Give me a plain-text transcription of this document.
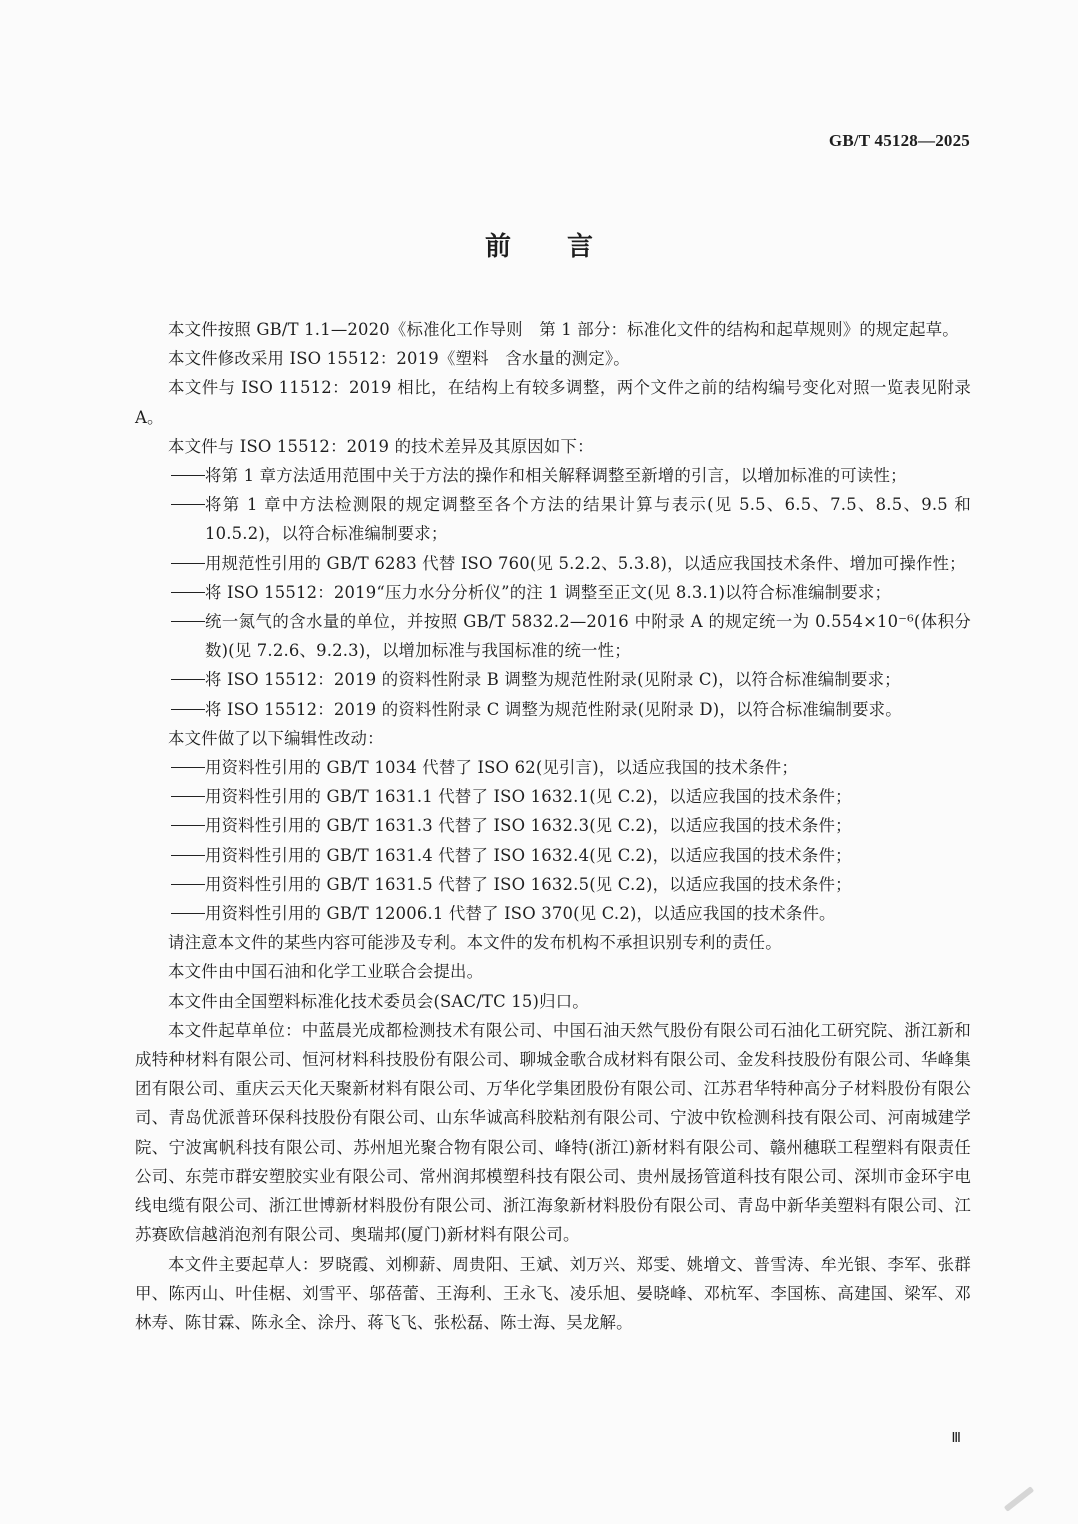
GB/T 45128—2025

前 言

本文件按照 GB/T 1.1—2020《标准化工作导则　第 1 部分：标准化文件的结构和起草规则》的规定起草。

本文件修改采用 ISO 15512：2019《塑料　含水量的测定》。

本文件与 ISO 11512：2019 相比，在结构上有较多调整，两个文件之前的结构编号变化对照一览表见附录 A。

本文件与 ISO 15512：2019 的技术差异及其原因如下：

将第 1 章方法适用范围中关于方法的操作和相关解释调整至新增的引言，以增加标准的可读性；

将第 1 章中方法检测限的规定调整至各个方法的结果计算与表示(见 5.5、6.5、7.5、8.5、9.5 和 10.5.2)，以符合标准编制要求；

用规范性引用的 GB/T 6283 代替 ISO 760(见 5.2.2、5.3.8)，以适应我国技术条件、增加可操作性；

将 ISO 15512：2019“压力水分分析仪”的注 1 调整至正文(见 8.3.1)以符合标准编制要求；

统一氮气的含水量的单位，并按照 GB/T 5832.2—2016 中附录 A 的规定统一为 0.554×10⁻⁶(体积分数)(见 7.2.6、9.2.3)，以增加标准与我国标准的统一性；

将 ISO 15512：2019 的资料性附录 B 调整为规范性附录(见附录 C)，以符合标准编制要求；

将 ISO 15512：2019 的资料性附录 C 调整为规范性附录(见附录 D)，以符合标准编制要求。

本文件做了以下编辑性改动：

用资料性引用的 GB/T 1034 代替了 ISO 62(见引言)，以适应我国的技术条件；

用资料性引用的 GB/T 1631.1 代替了 ISO 1632.1(见 C.2)，以适应我国的技术条件；

用资料性引用的 GB/T 1631.3 代替了 ISO 1632.3(见 C.2)，以适应我国的技术条件；

用资料性引用的 GB/T 1631.4 代替了 ISO 1632.4(见 C.2)，以适应我国的技术条件；

用资料性引用的 GB/T 1631.5 代替了 ISO 1632.5(见 C.2)，以适应我国的技术条件；

用资料性引用的 GB/T 12006.1 代替了 ISO 370(见 C.2)，以适应我国的技术条件。

请注意本文件的某些内容可能涉及专利。本文件的发布机构不承担识别专利的责任。

本文件由中国石油和化学工业联合会提出。

本文件由全国塑料标准化技术委员会(SAC/TC 15)归口。

本文件起草单位：中蓝晨光成都检测技术有限公司、中国石油天然气股份有限公司石油化工研究院、浙江新和成特种材料有限公司、恒河材料科技股份有限公司、聊城金歌合成材料有限公司、金发科技股份有限公司、华峰集团有限公司、重庆云天化天聚新材料有限公司、万华化学集团股份有限公司、江苏君华特种高分子材料股份有限公司、青岛优派普环保科技股份有限公司、山东华诚高科胶粘剂有限公司、宁波中钦检测科技有限公司、河南城建学院、宁波寓帆科技有限公司、苏州旭光聚合物有限公司、峰特(浙江)新材料有限公司、赣州穗联工程塑料有限责任公司、东莞市群安塑胶实业有限公司、常州润邦模塑科技有限公司、贵州晟扬管道科技有限公司、深圳市金环宇电线电缆有限公司、浙江世博新材料股份有限公司、浙江海象新材料股份有限公司、青岛中新华美塑料有限公司、江苏赛欧信越消泡剂有限公司、奥瑞邦(厦门)新材料有限公司。

本文件主要起草人：罗晓霞、刘柳薪、周贵阳、王斌、刘万兴、郑雯、姚增文、普雪涛、牟光银、李军、张群甲、陈丙山、叶佳椐、刘雪平、邬蓓蕾、王海利、王永飞、凌乐旭、晏晓峰、邓杭军、李国栋、高建国、梁军、邓林寿、陈甘霖、陈永全、涂丹、蒋飞飞、张松磊、陈士海、吴龙解。

Ⅲ
